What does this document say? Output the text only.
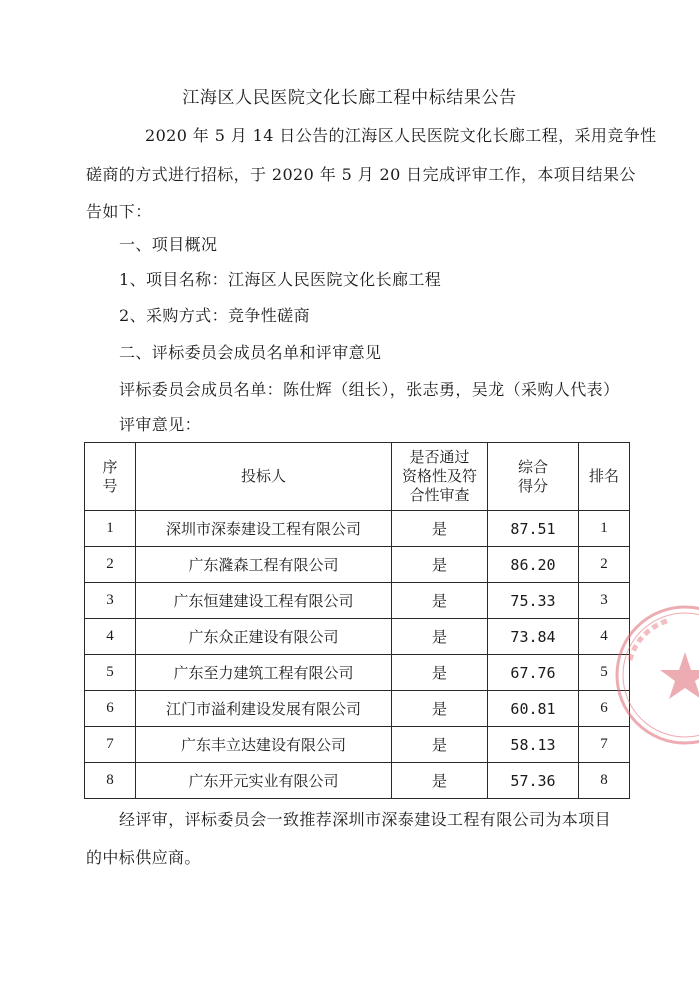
江海区人民医院文化长廊工程中标结果公告

2020 年 5 月 14 日公告的江海区人民医院文化长廊工程，采用竞争性

磋商的方式进行招标，于 2020 年 5 月 20 日完成评审工作，本项目结果公

告如下：

一、项目概况

1、项目名称：江海区人民医院文化长廊工程

2、采购方式：竞争性磋商

二、评标委员会成员名单和评审意见

评标委员会成员名单：陈仕辉（组长），张志勇，吴龙（采购人代表）

评审意见：

序
号	投标人	是否通过
资格性及符
合性审查	综合
得分	排名
1	深圳市深泰建设工程有限公司	是	87.51	1
2	广东漋森工程有限公司	是	86.20	2
3	广东恒建建设工程有限公司	是	75.33	3
4	广东众正建设有限公司	是	73.84	4
5	广东至力建筑工程有限公司	是	67.76	5
6	江门市溢利建设发展有限公司	是	60.81	6
7	广东丰立达建设有限公司	是	58.13	7
8	广东开元实业有限公司	是	57.36	8

经评审，评标委员会一致推荐深圳市深泰建设工程有限公司为本项目

的中标供应商。
